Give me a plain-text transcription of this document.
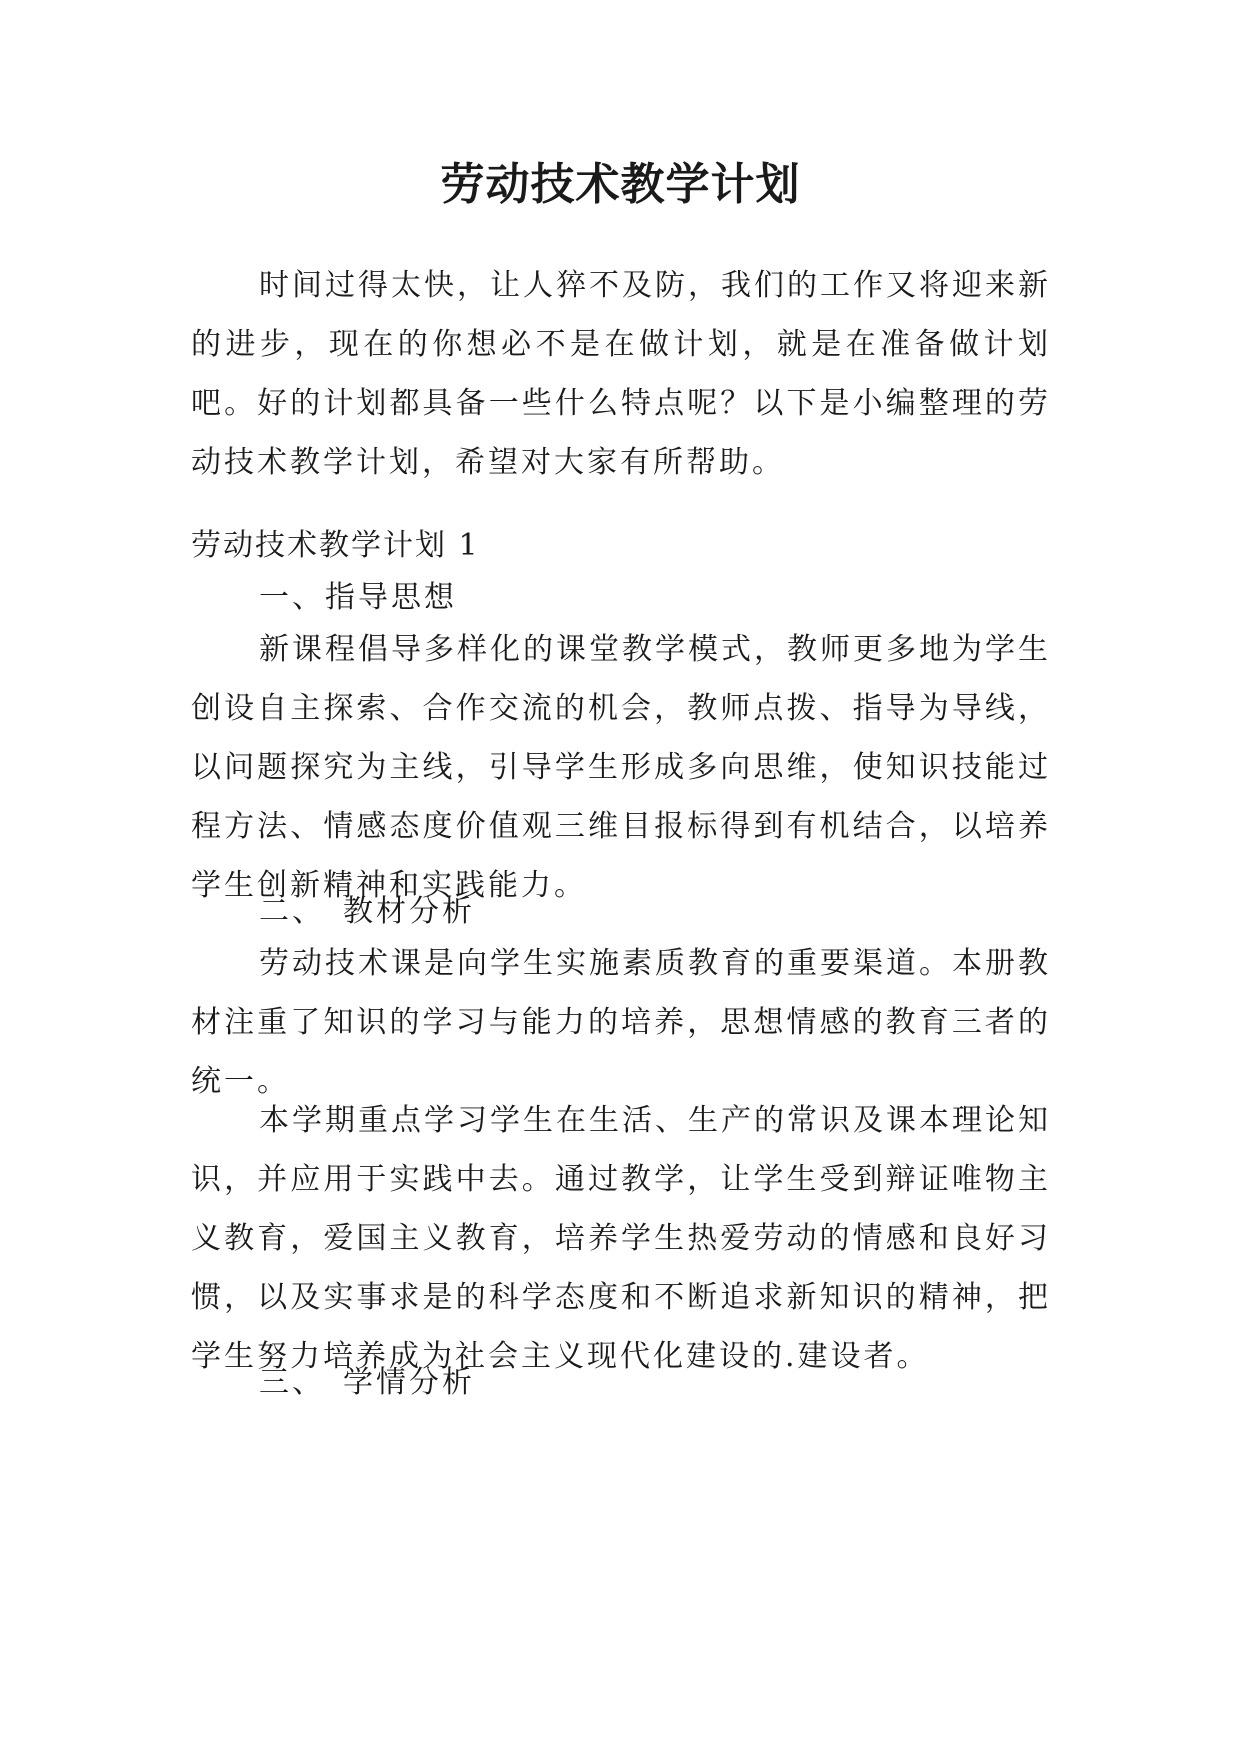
劳动技术教学计划

时间过得太快，让人猝不及防，我们的工作又将迎来新的进步，现在的你想必不是在做计划，就是在准备做计划吧。好的计划都具备一些什么特点呢？以下是小编整理的劳动技术教学计划，希望对大家有所帮助。

劳动技术教学计划 1

一、指导思想

新课程倡导多样化的课堂教学模式，教师更多地为学生创设自主探索、合作交流的机会，教师点拨、指导为导线，以问题探究为主线，引导学生形成多向思维，使知识技能过程方法、情感态度价值观三维目报标得到有机结合，以培养学生创新精神和实践能力。

二、　教材分析

劳动技术课是向学生实施素质教育的重要渠道。本册教材注重了知识的学习与能力的培养，思想情感的教育三者的统一。

本学期重点学习学生在生活、生产的常识及课本理论知识，并应用于实践中去。通过教学，让学生受到辩证唯物主义教育，爱国主义教育，培养学生热爱劳动的情感和良好习惯，以及实事求是的科学态度和不断追求新知识的精神，把学生努力培养成为社会主义现代化建设的.建设者。

三、　学情分析
